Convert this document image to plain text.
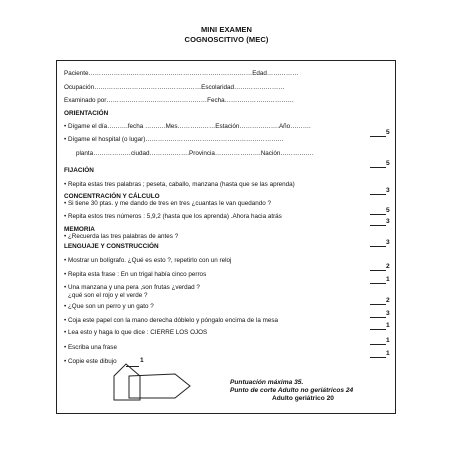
MINI EXAMEN
COGNOSCITIVO (MEC)
Paciente……………………………………………………………………Edad……………
Ocupación……………………………………………Escolaridad……………………
Examinado por…………………………………………Fecha……………………………
ORIENTACIÓN
• Dígame el día……….fecha ……….Mes………………Estación……………….Año……….
5
• Dígame el hospital (o lugar)…………………………………………………………
planta………………ciudad……………….Provincia………………….Nación…………….
5
FIJACIÓN
• Repita estas tres palabras ; peseta, caballo, manzana (hasta que se las aprenda)
3
CONCENTRACIÓN Y CÁLCULO
• Si tiene 30 ptas. y me dando de tres en tres ¿cuantas le van quedando ?
5
• Repita estos tres números : 5,9,2 (hasta que los aprenda) .Ahora hacia atrás
3
MEMORIA
• ¿Recuerda las tres palabras de antes ?
3
LENGUAJE Y CONSTRUCCIÓN
• Mostrar un bolígrafo. ¿Qué es esto ?, repetirlo con un reloj
2
• Repita esta frase : En un trigal había cinco perros
1
• Una manzana y una pera ,son frutas ¿verdad ?
¿qué son el rojo y el verde ?
2
• ¿Que son un perro y un gato ?
3
• Coja este papel con la mano derecha dóblelo y póngalo encima de la mesa
1
• Lea esto y haga lo que dice : CIERRE LOS OJOS
1
• Escriba una frase
1
• Copie este dibujo	1
Puntuación máxima 35.
Punto de corte Adulto no geriátricos 24
Adulto geriátrico 20
